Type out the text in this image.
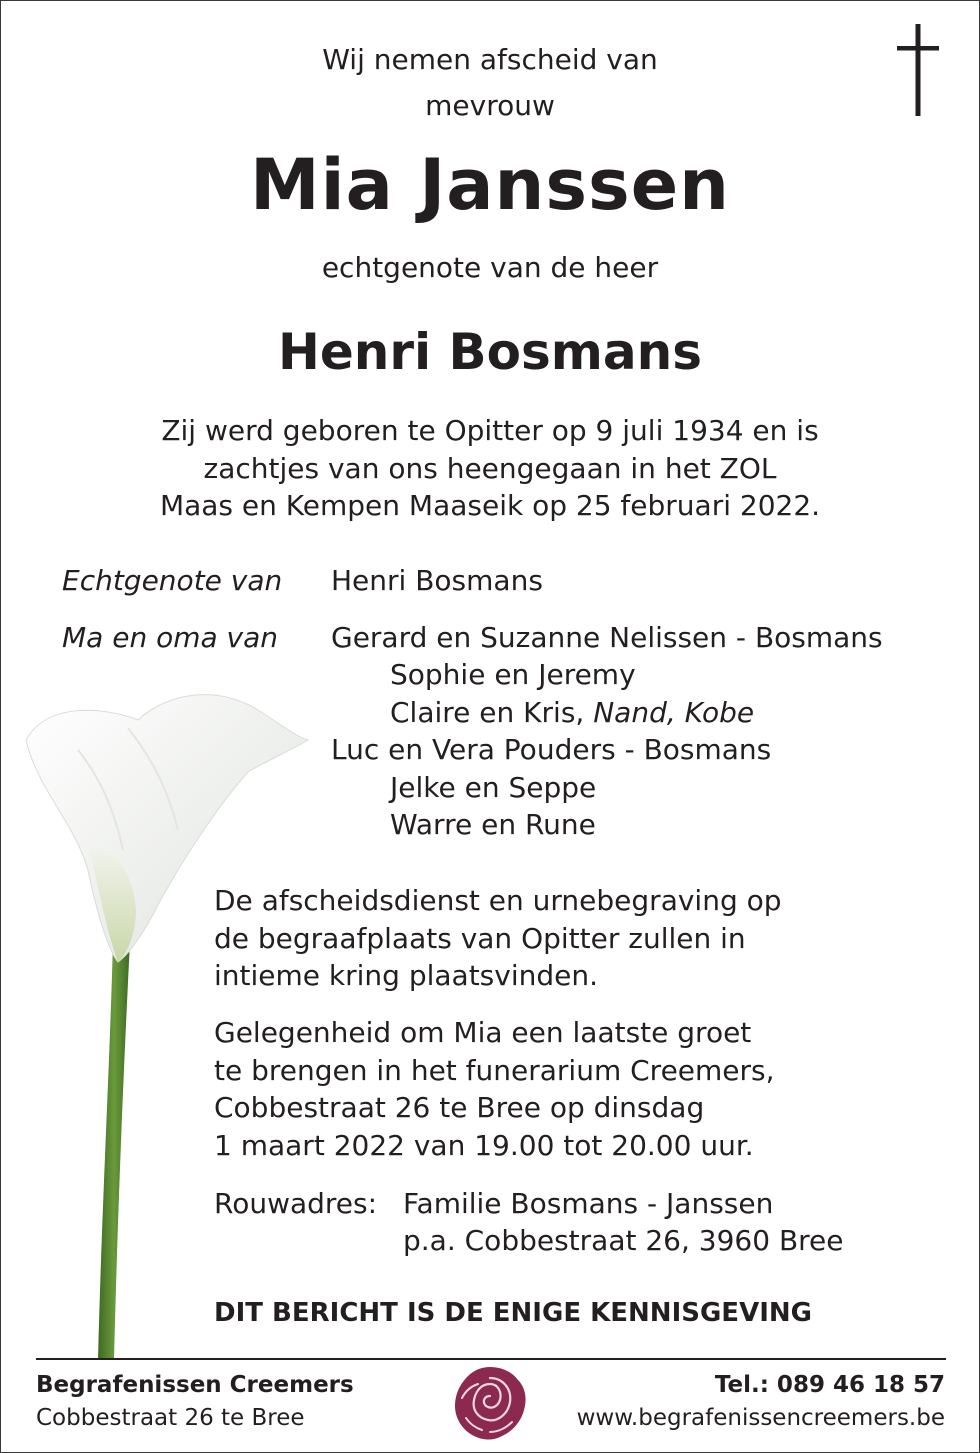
Wij nemen afscheid van
mevrouw
Mia Janssen
echtgenote van de heer
Henri Bosmans
Zij werd geboren te Opitter op 9 juli 1934 en is
zachtjes van ons heengegaan in het ZOL
Maas en Kempen Maaseik op 25 februari 2022.
Echtgenote van Henri Bosmans
Ma en oma van Gerard en Suzanne Nelissen - Bosmans
Sophie en Jeremy
Claire en Kris, Nand, Kobe
Luc en Vera Pouders - Bosmans
Jelke en Seppe
Warre en Rune
De afscheidsdienst en urnebegraving op
de begraafplaats van Opitter zullen in
intieme kring plaatsvinden.
Gelegenheid om Mia een laatste groet
te brengen in het funerarium Creemers,
Cobbestraat 26 te Bree op dinsdag
1 maart 2022 van 19.00 tot 20.00 uur.
Rouwadres: Familie Bosmans - Janssen
p.a. Cobbestraat 26, 3960 Bree
DIT BERICHT IS DE ENIGE KENNISGEVING
Begrafenissen Creemers
Cobbestraat 26 te Bree
Tel.: 089 46 18 57
www.begrafenissencreemers.be
